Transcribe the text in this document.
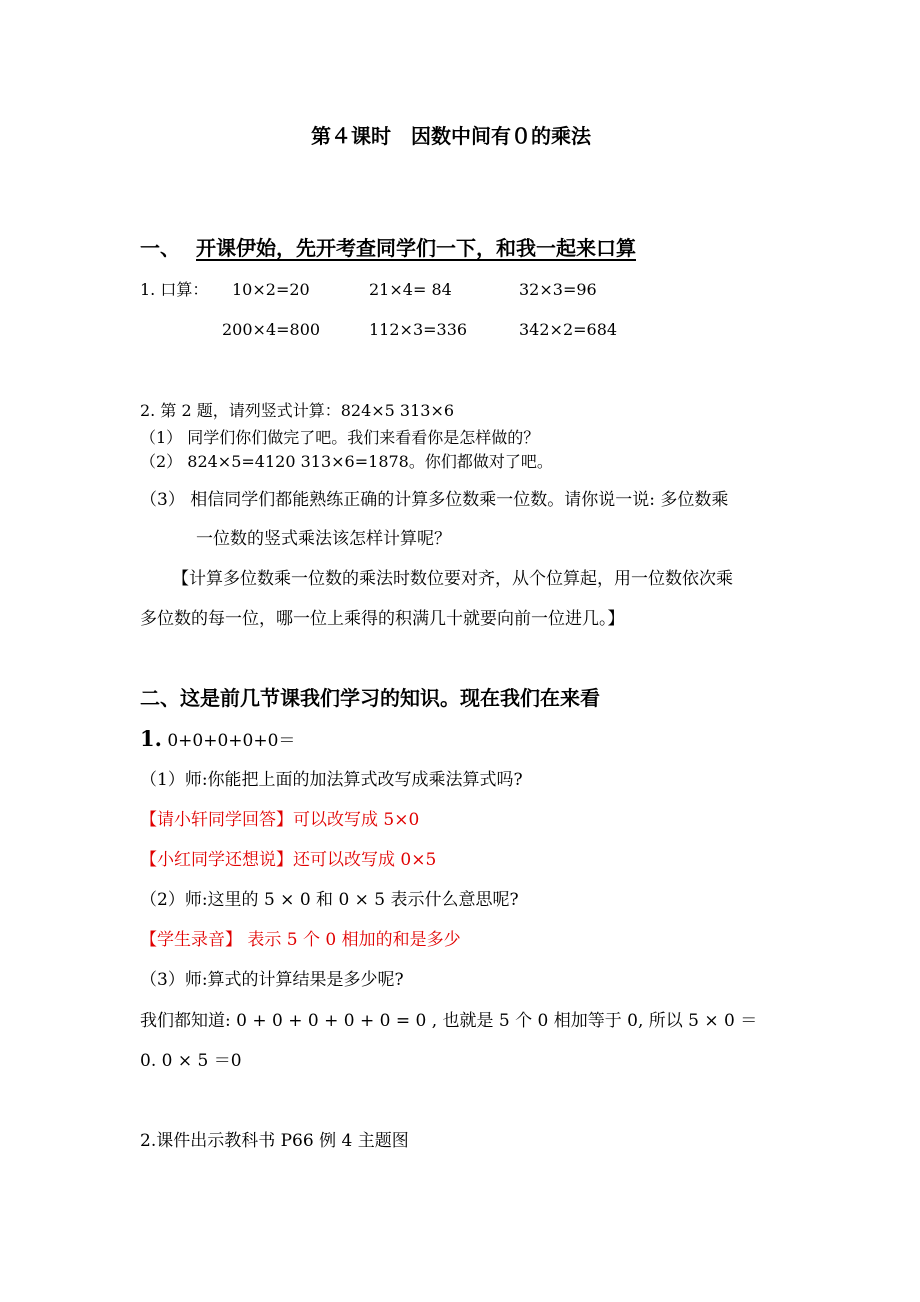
第４课时　因数中间有０的乘法
一、 开课伊始，先开考查同学们一下，和我一起来口算
1. 口算： 10×2=20	21×4= 84	32×3=96
200×4=800	112×3=336	342×2=684
2. 第 2 题，请列竖式计算：824×5 313×6
（1） 同学们你们做完了吧。我们来看看你是怎样做的？
（2） 824×5=4120 313×6=1878。你们都做对了吧。
（3） 相信同学们都能熟练正确的计算多位数乘一位数。请你说一说: 多位数乘
一位数的竖式乘法该怎样计算呢？
【计算多位数乘一位数的乘法时数位要对齐，从个位算起，用一位数依次乘
多位数的每一位，哪一位上乘得的积满几十就要向前一位进几。】
二、这是前几节课我们学习的知识。现在我们在来看
1. 0+0+0+0+0＝
（1）师:你能把上面的加法算式改写成乘法算式吗?
【请小轩同学回答】可以改写成 5×0
【小红同学还想说】还可以改写成 0×5
（2）师:这里的 5 × 0 和 0 × 5 表示什么意思呢?
【学生录音】 表示 5 个 0 相加的和是多少
（3）师:算式的计算结果是多少呢?
我们都知道: 0 + 0 + 0 + 0 + 0 = 0 , 也就是 5 个 0 相加等于 0, 所以 5 × 0 ＝
0. 0 × 5 ＝0
2.课件出示教科书 P66 例 4 主题图
